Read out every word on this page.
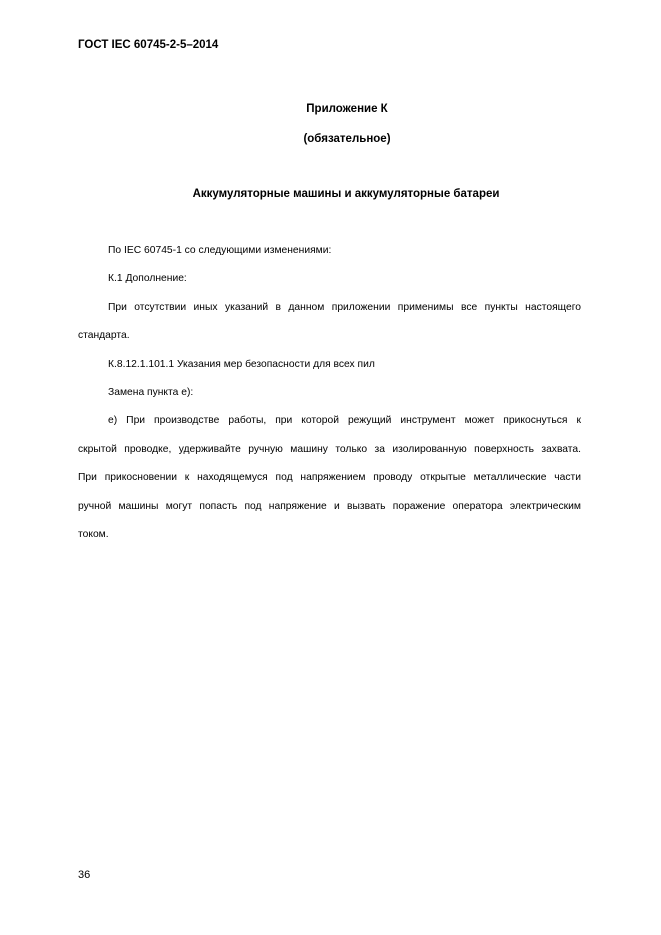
ГОСТ IEC 60745-2-5–2014
Приложение К
(обязательное)
Аккумуляторные машины и аккумуляторные батареи

По IEC 60745-1 со следующими изменениями:

К.1 Дополнение:

При отсутствии иных указаний в данном приложении применимы все пункты настоящего

стандарта.

К.8.12.1.101.1 Указания мер безопасности для всех пил

Замена пункта е):

е) При производстве работы, при которой режущий инструмент может прикоснуться к

скрытой проводке, удерживайте ручную машину только за изолированную поверхность захвата.

При прикосновении к находящемуся под напряжением проводу открытые металлические части

ручной машины могут попасть под напряжение и вызвать поражение оператора электрическим

током.

36
